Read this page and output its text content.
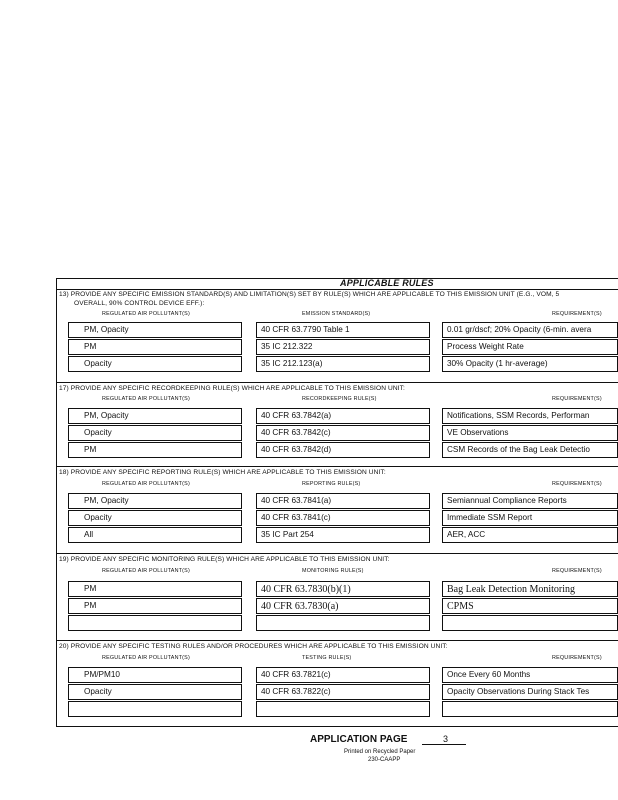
APPLICABLE RULES
13) PROVIDE ANY SPECIFIC EMISSION STANDARD(S) AND LIMITATION(S) SET BY RULE(S) WHICH ARE APPLICABLE TO THIS EMISSION UNIT (E.G., VOM, 5
OVERALL, 90% CONTROL DEVICE EFF.):
REGULATED AIR POLLUTANT(S)	EMISSION STANDARD(S)	REQUIREMENT(S)
PM, Opacity	40 CFR 63.7790 Table 1	0.01 gr/dscf; 20% Opacity (6-min. avera
PM	35 IC 212.322	Process Weight Rate
Opacity	35 IC 212.123(a)	30% Opacity (1 hr-average)
17) PROVIDE ANY SPECIFIC RECORDKEEPING RULE(S) WHICH ARE APPLICABLE TO THIS EMISSION UNIT:
REGULATED AIR POLLUTANT(S)	RECORDKEEPING RULE(S)	REQUIREMENT(S)
PM, Opacity	40 CFR 63.7842(a)	Notifications, SSM Records, Performan
Opacity	40 CFR 63.7842(c)	VE Observations
PM	40 CFR 63.7842(d)	CSM Records of the Bag Leak Detectio
18) PROVIDE ANY SPECIFIC REPORTING RULE(S) WHICH ARE APPLICABLE TO THIS EMISSION UNIT:
REGULATED AIR POLLUTANT(S)	REPORTING RULE(S)	REQUIREMENT(S)
PM, Opacity	40 CFR 63.7841(a)	Semiannual Compliance Reports
Opacity	40 CFR 63.7841(c)	Immediate SSM Report
All	35 IC Part 254	AER, ACC
19) PROVIDE ANY SPECIFIC MONITORING RULE(S) WHICH ARE APPLICABLE TO THIS EMISSION UNIT:
REGULATED AIR POLLUTANT(S)	MONITORING RULE(S)	REQUIREMENT(S)
PM	40 CFR 63.7830(b)(1)	Bag Leak Detection Monitoring
PM	40 CFR 63.7830(a)	CPMS
20) PROVIDE ANY SPECIFIC TESTING RULES AND/OR PROCEDURES WHICH ARE APPLICABLE TO THIS EMISSION UNIT:
REGULATED AIR POLLUTANT(S)	TESTING RULE(S)	REQUIREMENT(S)
PM/PM10	40 CFR 63.7821(c)	Once Every 60 Months
Opacity	40 CFR 63.7822(c)	Opacity Observations During Stack Tes
APPLICATION PAGE	3
Printed on Recycled Paper
230-CAAPP
